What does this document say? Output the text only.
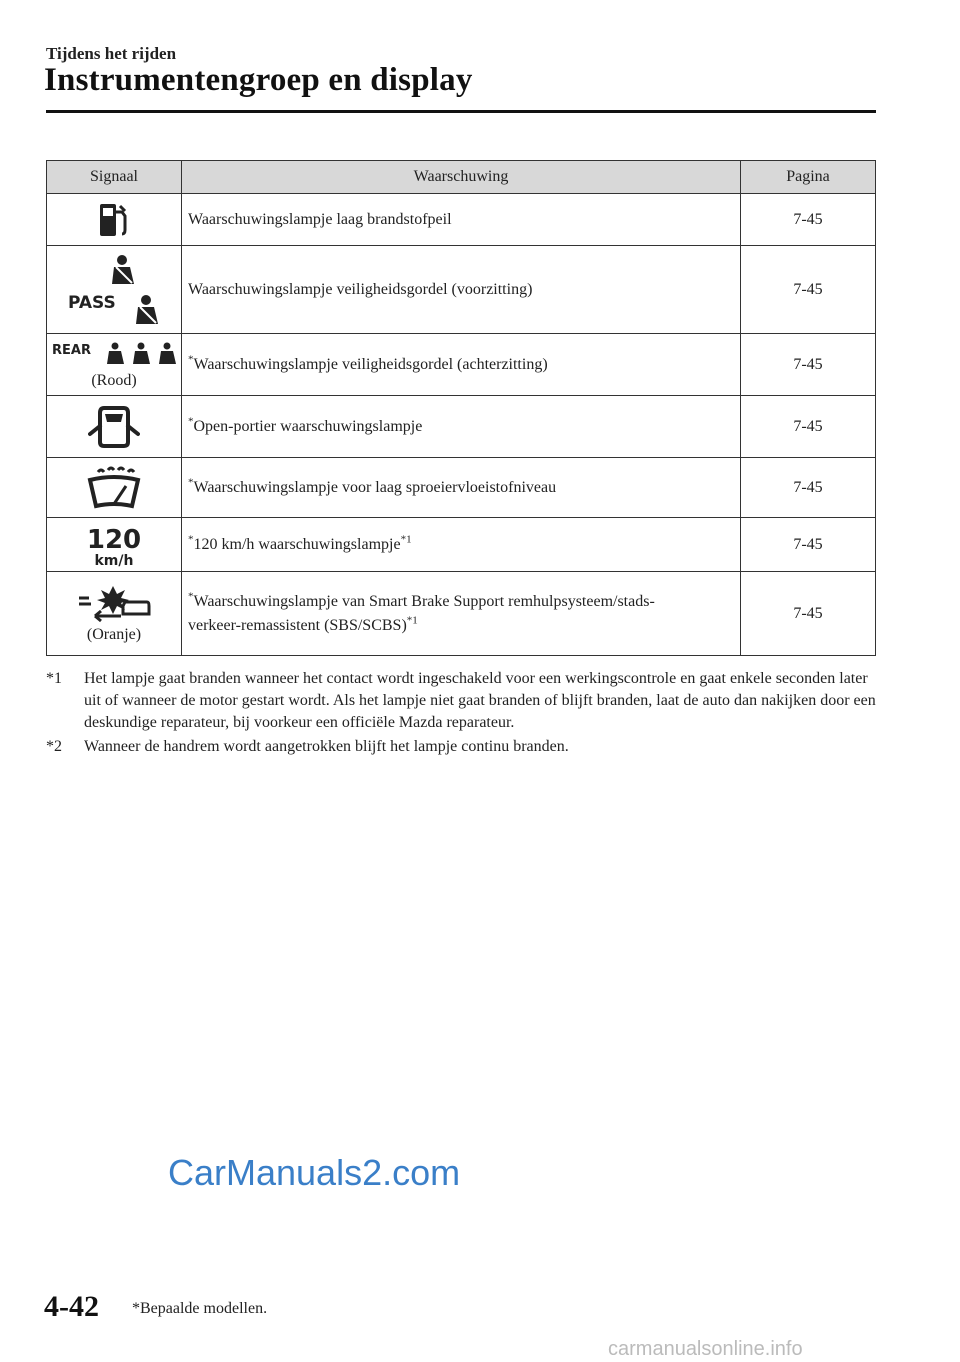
Tijdens het rijden
Instrumentengroep en display
Signaal	Waarschuwing	Pagina

	Waarschuwingslampje laag brandstofpeil	7-45

PASS	Waarschuwingslampje veiligheidsgordel (voorzitting)	7-45

REAR
(Rood)	*Waarschuwingslampje veiligheidsgordel (achterzitting)	7-45

	*Open-portier waarschuwingslampje	7-45

	*Waarschuwingslampje voor laag sproeiervloeistofniveau	7-45

120
km/h	*120 km/h waarschuwingslampje$^{*1}$	7-45

(Oranje)	*Waarschuwingslampje van Smart Brake Support remhulpsysteem/stads-
verkeer-remassistent (SBS/SCBS)$^{*1}$	7-45
*1 Het lampje gaat branden wanneer het contact wordt ingeschakeld voor een werkingscontrole en gaat enkele seconden later uit of wanneer de motor gestart wordt. Als het lampje niet gaat branden of blijft branden, laat de auto dan nakijken door een deskundige reparateur, bij voorkeur een officiële Mazda reparateur.
*2 Wanneer de handrem wordt aangetrokken blijft het lampje continu branden.
CarManuals2.com
4-42 *Bepaalde modellen.
carmanualsonline.info
